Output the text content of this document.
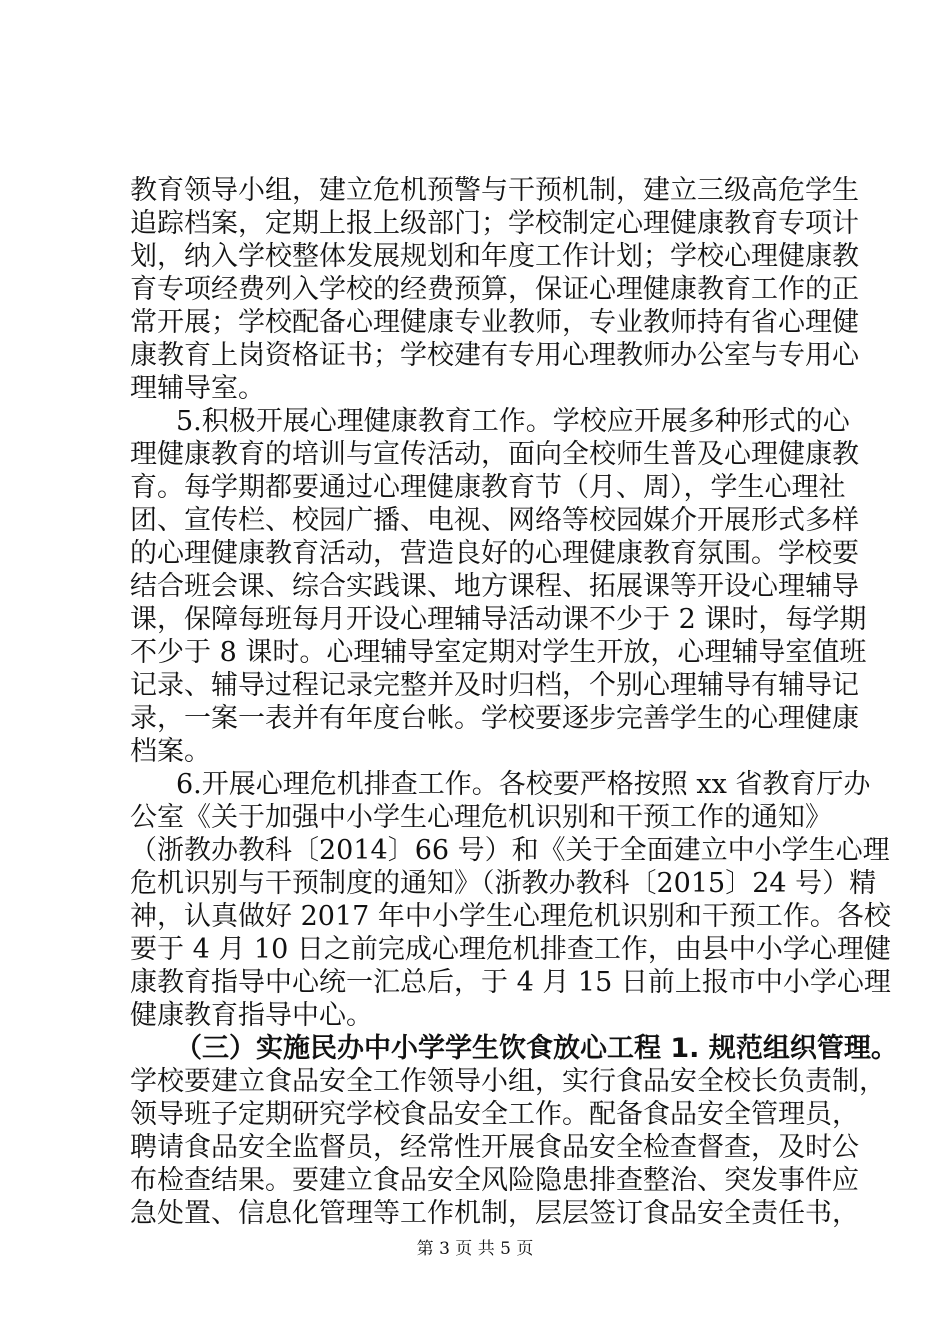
教育领导小组，建立危机预警与干预机制，建立三级高危学生
追踪档案，定期上报上级部门；学校制定心理健康教育专项计
划，纳入学校整体发展规划和年度工作计划；学校心理健康教
育专项经费列入学校的经费预算，保证心理健康教育工作的正
常开展；学校配备心理健康专业教师，专业教师持有省心理健
康教育上岗资格证书；学校建有专用心理教师办公室与专用心
理辅导室。
5.积极开展心理健康教育工作。学校应开展多种形式的心
理健康教育的培训与宣传活动，面向全校师生普及心理健康教
育。每学期都要通过心理健康教育节（月、周），学生心理社
团、宣传栏、校园广播、电视、网络等校园媒介开展形式多样
的心理健康教育活动，营造良好的心理健康教育氛围。学校要
结合班会课、综合实践课、地方课程、拓展课等开设心理辅导
课，保障每班每月开设心理辅导活动课不少于 2 课时，每学期
不少于 8 课时。心理辅导室定期对学生开放，心理辅导室值班
记录、辅导过程记录完整并及时归档，个别心理辅导有辅导记
录，一案一表并有年度台帐。学校要逐步完善学生的心理健康
档案。
6.开展心理危机排查工作。各校要严格按照 xx 省教育厅办
公室《关于加强中小学生心理危机识别和干预工作的通知》
（浙教办教科〔2014〕66 号）和《关于全面建立中小学生心理
危机识别与干预制度的通知》（浙教办教科〔2015〕24 号）精
神，认真做好 2017 年中小学生心理危机识别和干预工作。各校
要于 4 月 10 日之前完成心理危机排查工作，由县中小学心理健
康教育指导中心统一汇总后，于 4 月 15 日前上报市中小学心理
健康教育指导中心。
（三）实施民办中小学学生饮食放心工程 1. 规范组织管理。
学校要建立食品安全工作领导小组，实行食品安全校长负责制，
领导班子定期研究学校食品安全工作。配备食品安全管理员，
聘请食品安全监督员，经常性开展食品安全检查督查，及时公
布检查结果。要建立食品安全风险隐患排查整治、突发事件应
急处置、信息化管理等工作机制，层层签订食品安全责任书，
第 3 页 共 5 页
